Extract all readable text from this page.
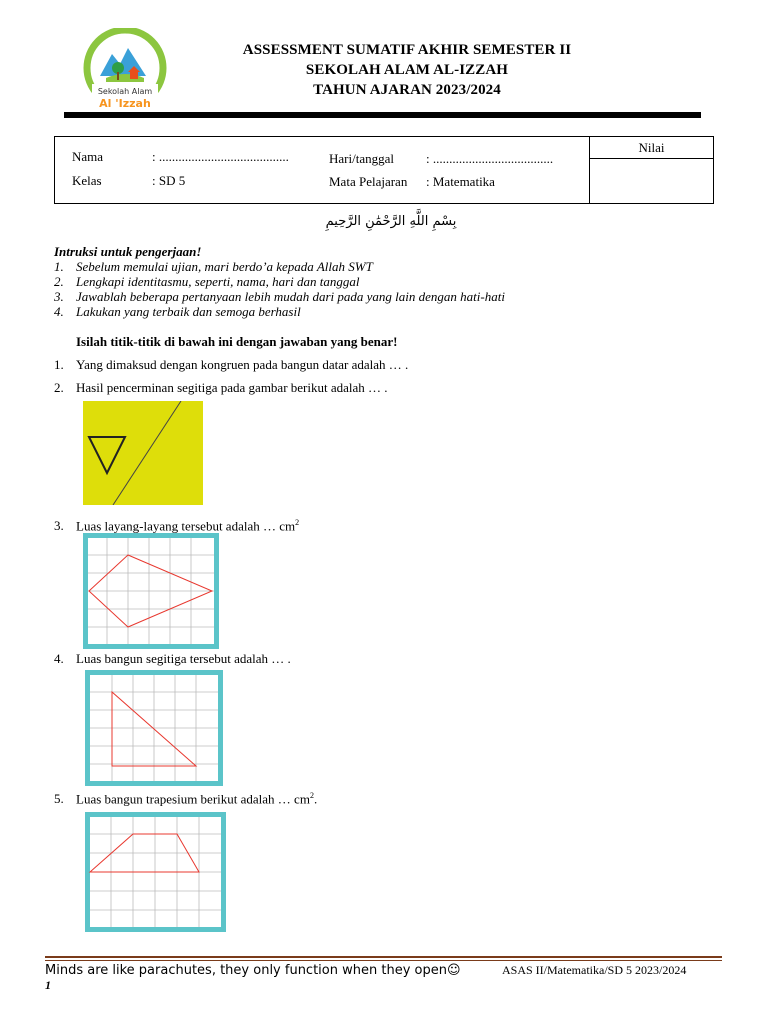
Sekolah Alam
Al 'Izzah
ASSESSMENT SUMATIF AKHIR SEMESTER II
SEKOLAH ALAM AL-IZZAH
TAHUN AJARAN 2023/2024
Nama	: ........................................
Kelas	: SD 5
Hari/tanggal : .....................................
Mata Pelajaran : Matematika
Nilai
بِسْمِ اللَّهِ الرَّحْمَٰنِ الرَّحِيمِ
Intruksi untuk pengerjaan!
1. Sebelum memulai ujian, mari berdo’a kepada Allah SWT
2. Lengkapi identitasmu, seperti, nama, hari dan tanggal
3. Jawablah beberapa pertanyaan lebih mudah dari pada yang lain dengan hati-hati
4. Lakukan yang terbaik dan semoga berhasil
Isilah titik-titik di bawah ini dengan jawaban yang benar!
1. Yang dimaksud dengan kongruen pada bangun datar adalah … .
2. Hasil pencerminan segitiga pada gambar berikut adalah … .
3. Luas layang-layang tersebut adalah … $cm^2$
4. Luas bangun segitiga tersebut adalah … .
5. Luas bangun trapesium berikut adalah … $cm^2$.
Minds are like parachutes, they only function when they open☺	ASAS II/Matematika/SD 5 2023/2024
1
